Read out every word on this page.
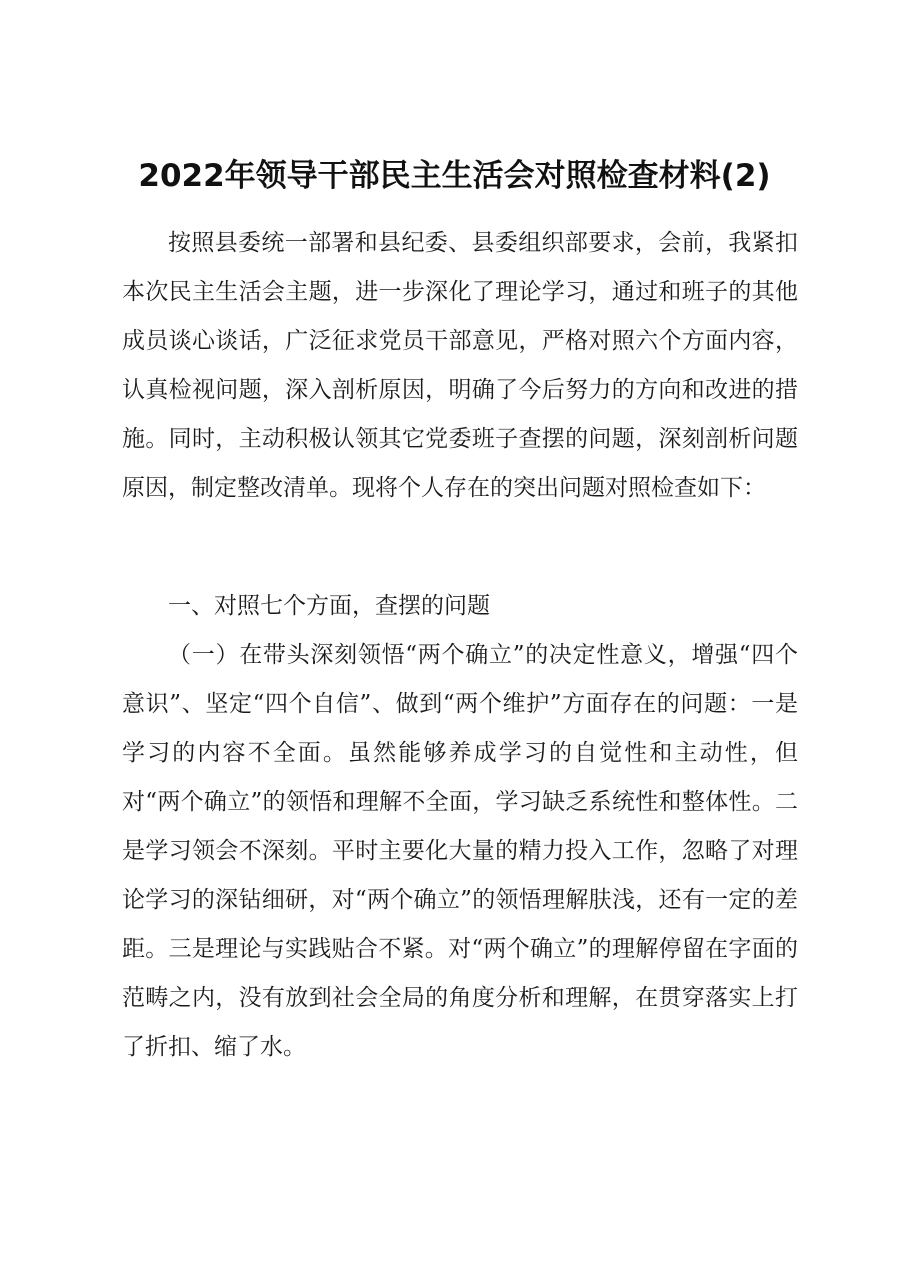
2022年领导干部民主生活会对照检查材料(2)

按照县委统一部署和县纪委、县委组织部要求，会前，我紧扣本次民主生活会主题，进一步深化了理论学习，通过和班子的其他成员谈心谈话，广泛征求党员干部意见，严格对照六个方面内容，认真检视问题，深入剖析原因，明确了今后努力的方向和改进的措施。同时，主动积极认领其它党委班子查摆的问题，深刻剖析问题原因，制定整改清单。现将个人存在的突出问题对照检查如下：

一、对照七个方面，查摆的问题

（一）在带头深刻领悟“两个确立”的决定性意义，增强“四个意识”、坚定“四个自信”、做到“两个维护”方面存在的问题：一是学习的内容不全面。虽然能够养成学习的自觉性和主动性，但对“两个确立”的领悟和理解不全面，学习缺乏系统性和整体性。二是学习领会不深刻。平时主要化大量的精力投入工作，忽略了对理论学习的深钻细研，对“两个确立”的领悟理解肤浅，还有一定的差距。三是理论与实践贴合不紧。对“两个确立”的理解停留在字面的范畴之内，没有放到社会全局的角度分析和理解，在贯穿落实上打了折扣、缩了水。
